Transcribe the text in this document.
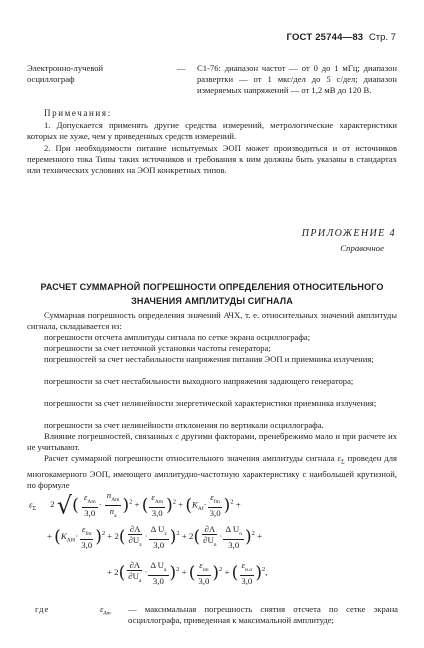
ГОСТ 25744—83 Стр. 7
Электронно-лучевой осциллограф
— С1-76: диапазон частот — от 0 до 1 мГц; диапазон развертки — от 1 мкс/дел до 5 с/дел; диапазон измеряемых напряжений — от 1,2 мВ до 120 В.
Примечания:
1. Допускается применять другие средства измерений, метрологические характеристики которых не хуже, чем у приведенных средств измерений.
2. При необходимости питание испытуемых ЭОП может производиться и от источников переменного тока Типы таких источников и требования к ним должны быть указаны в стандартах или технических условиях на ЭОП конкретных типов.
ПРИЛОЖЕНИЕ 4
Справочное
РАСЧЕТ СУММАРНОЙ ПОГРЕШНОСТИ ОПРЕДЕЛЕНИЯ ОТНОСИТЕЛЬНОГО ЗНАЧЕНИЯ АМПЛИТУДЫ СИГНАЛА
Суммарная погрешность определения значений АЧХ, т. е. относительных значений амплитуды сигнала, складывается из:
погрешности отсчета амплитуды сигнала по сетке экрана осциллографа;
погрешности за счет неточной установки частоты генератора;
погрешностей за счет нестабильности напряжения питания ЭОП и приемника излучения;
погрешности за счет нестабильности выходного напряжения задающего генератора;
погрешности за счет нелинейности энергетической характеристики приемника излучения;
погрешности за счет нелинейности отклонения по вертикали осциллографа.
Влияние погрешностей, связанных с другими факторами, пренебрежимо мало и при расчете их не учитывают.
Расчет суммарной погрешности относительного значения амплитуды сигнала $\varepsilon_\Sigma$ проведен для многокамерного ЭОП, имеющего амплитудно-частотную характеристику с наибольшей крутизной, по формуле
$\varepsilon_\Sigma$ 2 √( $\varepsilon_{Am}$
3,0
·
$n_{Am}$
$n_a$
)$^2$ + ( $\varepsilon_{Am}$
3,0 )$^2 + (K_{Af}\cdot$
$\varepsilon_{fm}$
3,0 )$^2$ +
+ ($K_{Af0}\cdot$
$\varepsilon_{fm}$
3,0 )$^2 + 2( \frac{\partial A}{\partial U_z} \cdot \frac{\Delta U_z}{3,0} )^2 + 2( \frac{\partial A}{\partial U_n} \cdot \frac{\Delta U_n}{3,0} )^2$ +
+ $2( \frac{\partial A}{\partial U_a} \cdot \frac{\Delta U_a}{3,0} )^2$ + ( $\varepsilon_{нп}$
3,0 )$^2$ + ( $\varepsilon_{н.о}$
3,0 )$^2$,
где	$\varepsilon_{Am}$ — максимальная погрешность снятия отсчета по сетке экрана осциллографа, приведенная к максимальной амплитуде;
